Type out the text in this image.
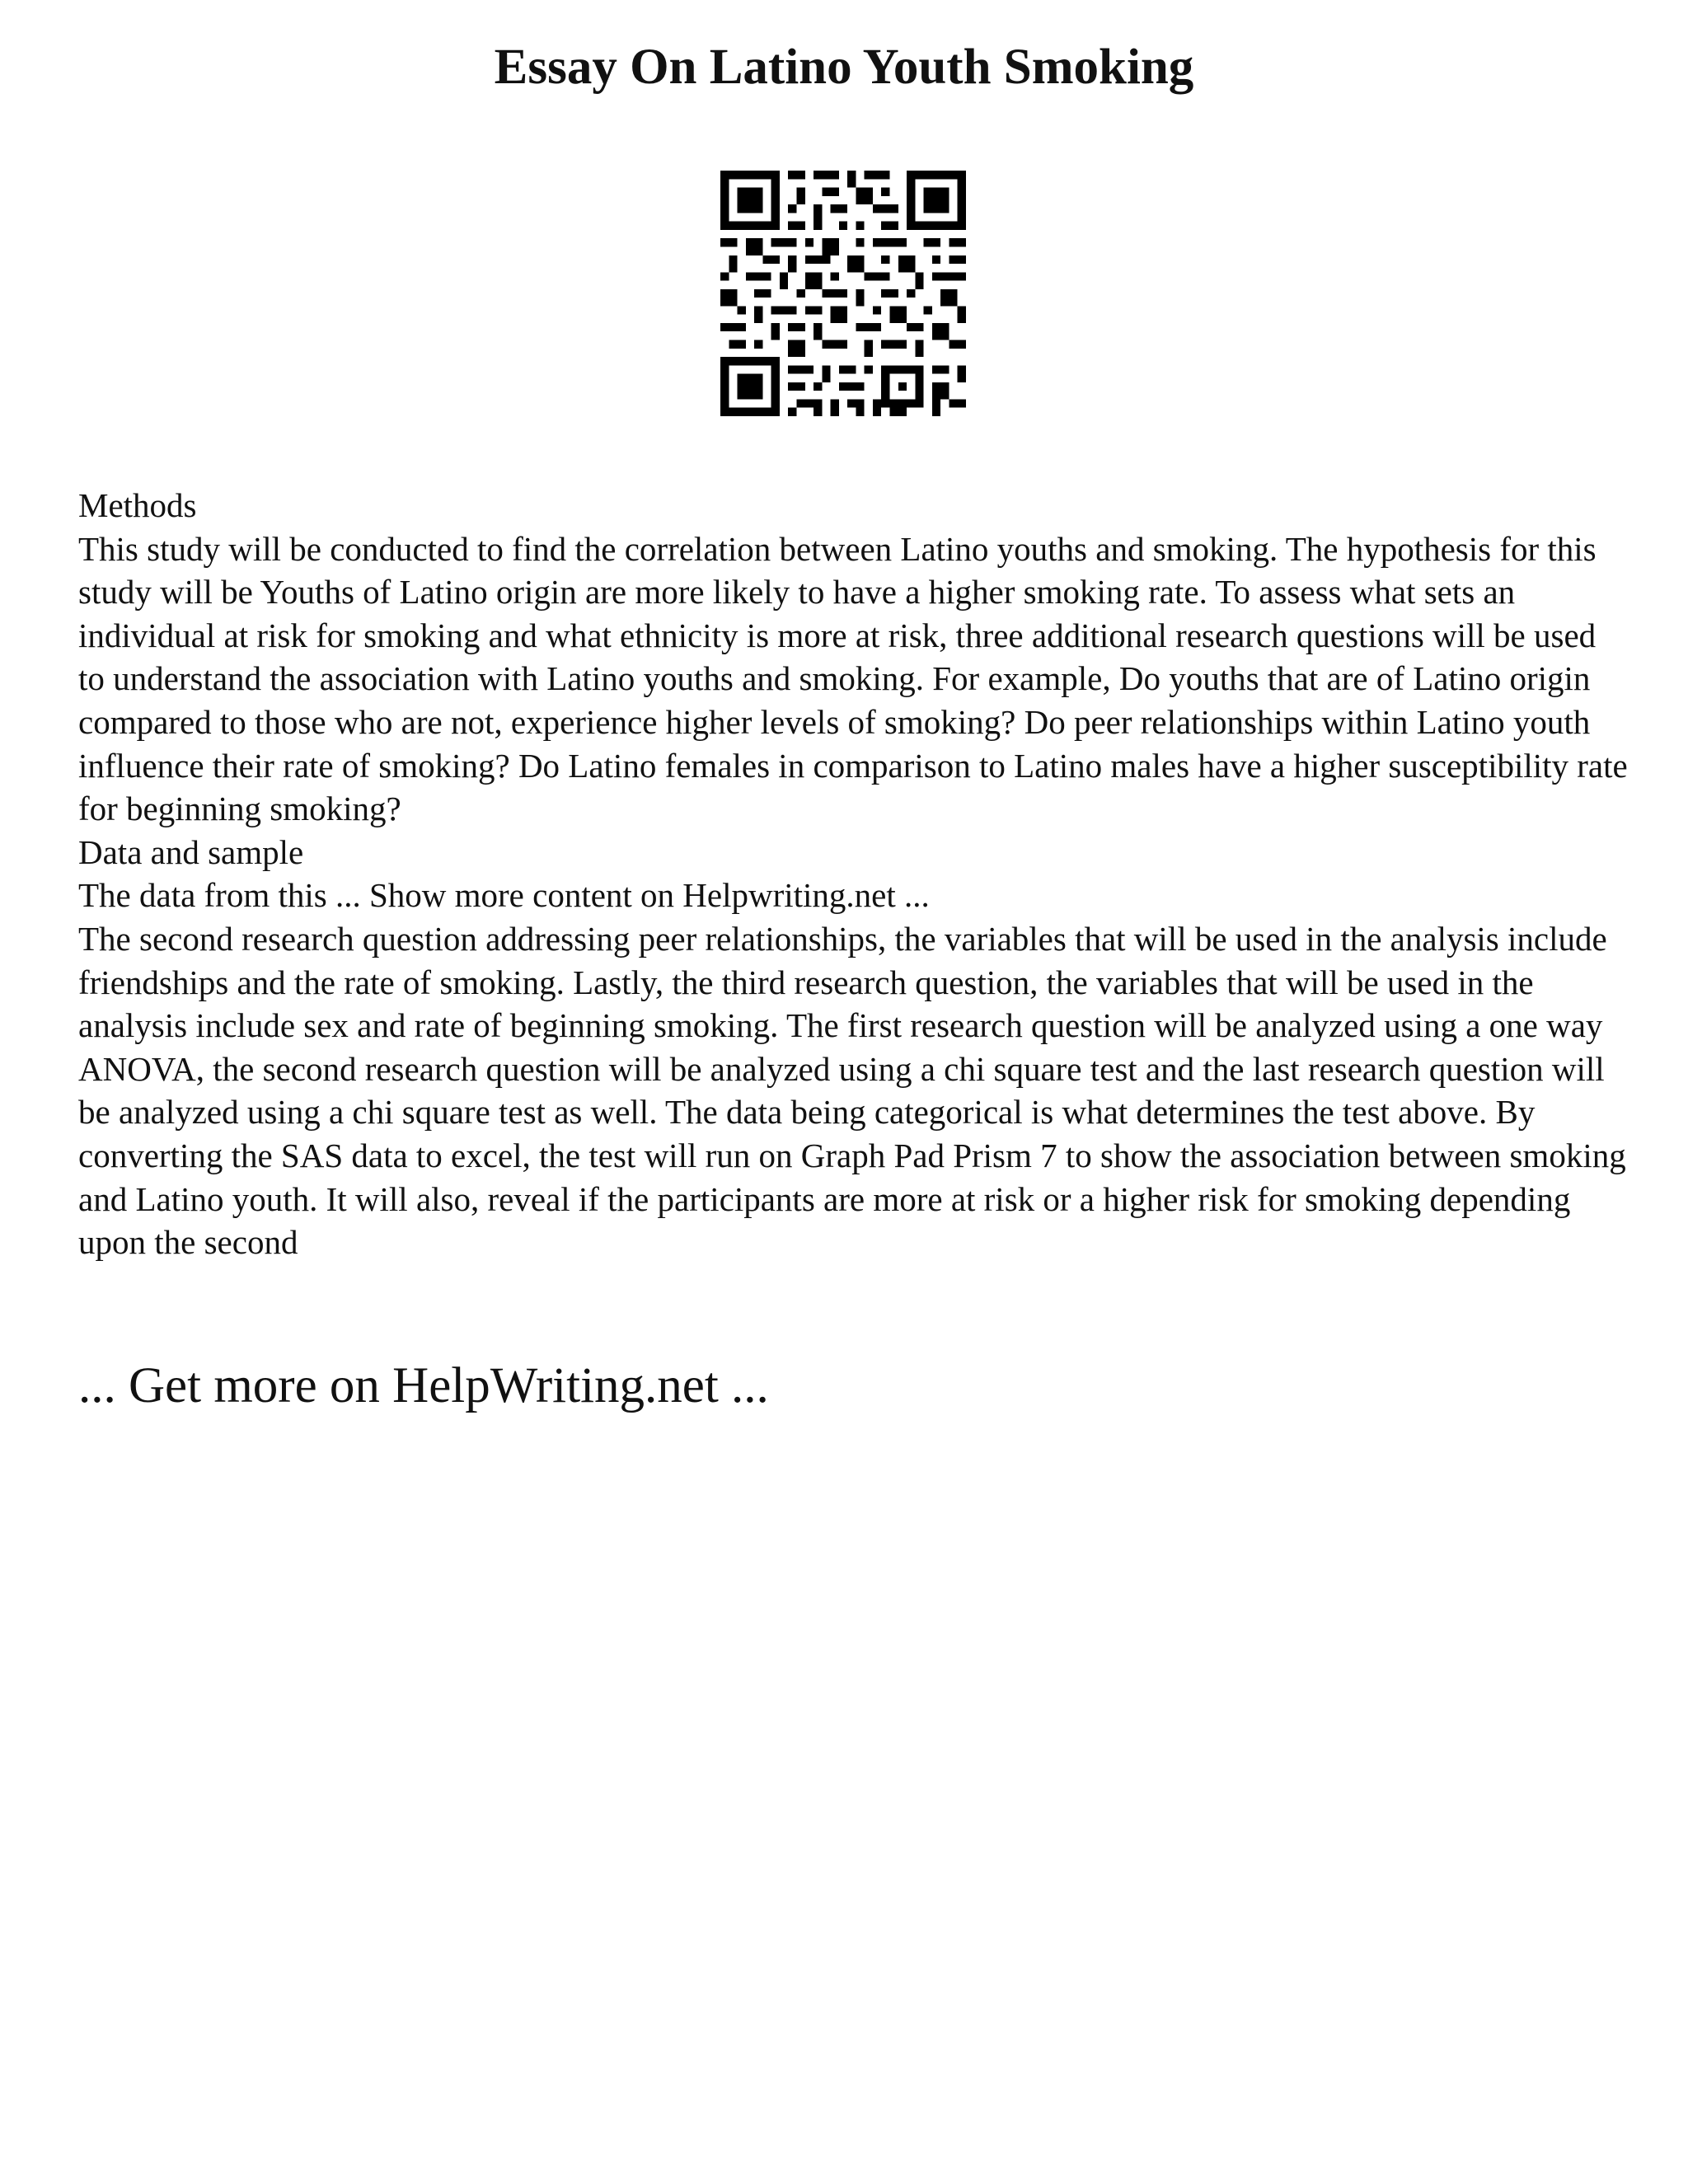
Essay On Latino Youth Smoking

Methods

This study will be conducted to find the correlation between Latino youths and smoking. The hypothesis for this study will be Youths of Latino origin are more likely to have a higher smoking rate. To assess what sets an individual at risk for smoking and what ethnicity is more at risk, three additional research questions will be used to understand the association with Latino youths and smoking. For example, Do youths that are of Latino origin compared to those who are not, experience higher levels of smoking? Do peer relationships within Latino youth influence their rate of smoking? Do Latino females in comparison to Latino males have a higher susceptibility rate for beginning smoking?

Data and sample

The data from this ... Show more content on Helpwriting.net ...

The second research question addressing peer relationships, the variables that will be used in the analysis include friendships and the rate of smoking. Lastly, the third research question, the variables that will be used in the analysis include sex and rate of beginning smoking. The first research question will be analyzed using a one way ANOVA, the second research question will be analyzed using a chi square test and the last research question will be analyzed using a chi square test as well. The data being categorical is what determines the test above. By converting the SAS data to excel, the test will run on Graph Pad Prism 7 to show the association between smoking and Latino youth. It will also, reveal if the participants are more at risk or a higher risk for smoking depending upon the second

... Get more on HelpWriting.net ...
